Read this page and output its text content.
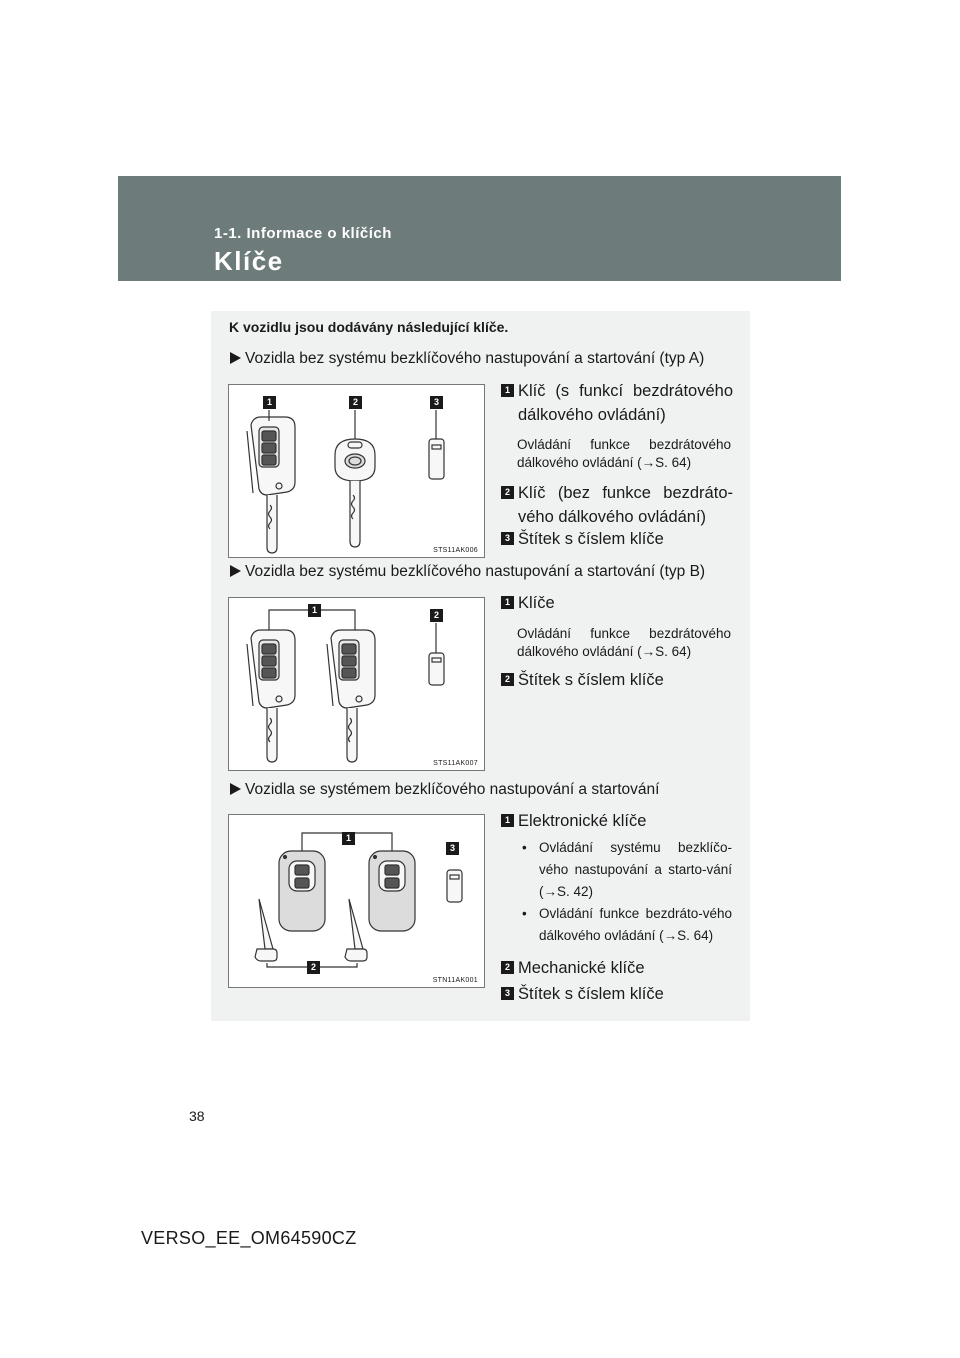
1-1. Informace o klíčích
Klíče
K vozidlu jsou dodávány následující klíče.
Vozidla bez systému bezklíčového nastupování a startování (typ A)
1	2	3
STS11AK006
1 Klíč (s funkcí bezdrátového dálkového ovládání)
Ovládání funkce bezdrátového dálkového ovládání (→S. 64)
2 Klíč (bez funkce bezdráto-vého dálkového ovládání)
3 Štítek s číslem klíče
Vozidla bez systému bezklíčového nastupování a startování (typ B)
1	2
STS11AK007
1 Klíče
Ovládání funkce bezdrátového dálkového ovládání (→S. 64)
2 Štítek s číslem klíče
Vozidla se systémem bezklíčového nastupování a startování
1
3
2
STN11AK001
1 Elektronické klíče
• Ovládání systému bezklíčo-vého nastupování a starto-vání (→S. 42)
• Ovládání funkce bezdráto-vého dálkového ovládání (→S. 64)
2 Mechanické klíče
3 Štítek s číslem klíče
38
VERSO_EE_OM64590CZ
